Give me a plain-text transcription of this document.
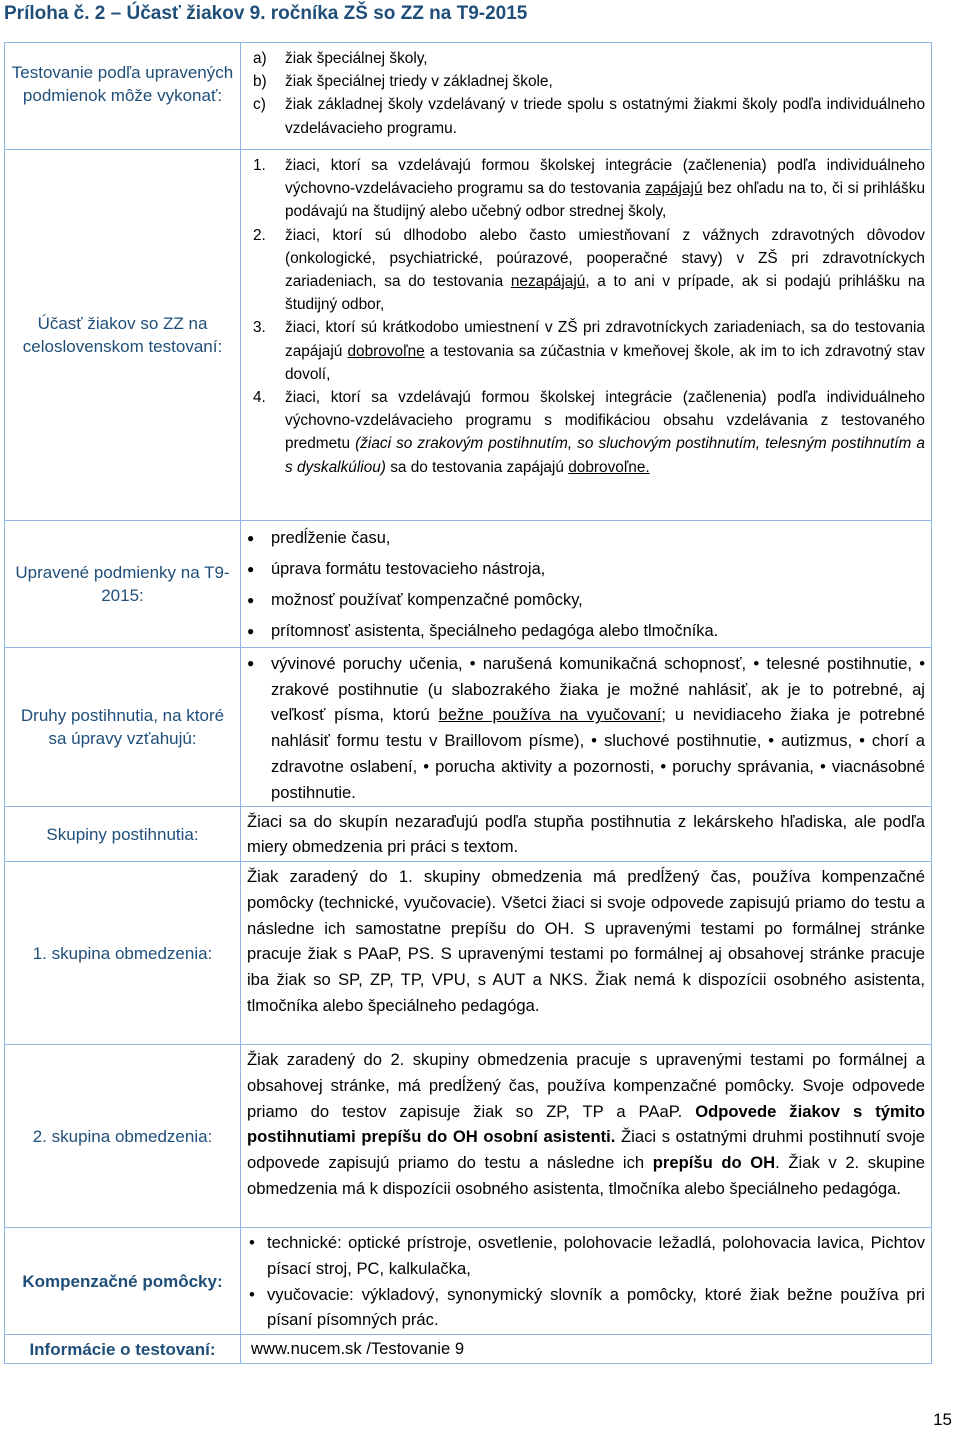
Príloha č. 2 – Účasť žiakov 9. ročníka ZŠ so ZZ na T9-2015
Testovanie podľa upravených podmienok môže vykonať:
a)	žiak špeciálnej školy,
b)	žiak špeciálnej triedy v základnej škole,
c)	žiak základnej školy vzdelávaný v triede spolu s ostatnými žiakmi školy podľa individuálneho vzdelávacieho programu.
Účasť žiakov so ZZ na celoslovenskom testovaní:
1.	žiaci, ktorí sa vzdelávajú formou školskej integrácie (začlenenia) podľa individuálneho výchovno-vzdelávacieho programu sa do testovania zapájajú bez ohľadu na to, či si prihlášku podávajú na študijný alebo učebný odbor strednej školy,
2.	žiaci, ktorí sú dlhodobo alebo často umiestňovaní z vážnych zdravotných dôvodov (onkologické, psychiatrické, poúrazové, pooperačné stavy) v ZŠ pri zdravotníckych zariadeniach, sa do testovania nezapájajú, a to ani v prípade, ak si podajú prihlášku na študijný odbor,
3.	žiaci, ktorí sú krátkodobo umiestnení v ZŠ pri zdravotníckych zariadeniach, sa do testovania zapájajú dobrovoľne a testovania sa zúčastnia v kmeňovej škole, ak im to ich zdravotný stav dovolí,
4.	žiaci, ktorí sa vzdelávajú formou školskej integrácie (začlenenia) podľa individuálneho výchovno-vzdelávacieho programu s modifikáciou obsahu vzdelávania z testovaného predmetu (žiaci so zrakovým postihnutím, so sluchovým postihnutím, telesným postihnutím a s dyskalkúliou) sa do testovania zapájajú dobrovoľne.
Upravené podmienky na T9-2015:
●	predĺženie času,
●	úprava formátu testovacieho nástroja,
●	možnosť používať kompenzačné pomôcky,
●	prítomnosť asistenta, špeciálneho pedagóga alebo tlmočníka.
Druhy postihnutia, na ktoré sa úpravy vzťahujú:
●	vývinové poruchy učenia, • narušená komunikačná schopnosť, • telesné postihnutie, • zrakové postihnutie (u slabozrakého žiaka je možné nahlásiť, ak je to potrebné, aj veľkosť písma, ktorú bežne používa na vyučovaní; u nevidiaceho žiaka je potrebné nahlásiť formu testu v Braillovom písme), • sluchové postihnutie, • autizmus, • chorí a zdravotne oslabení, • porucha aktivity a pozornosti, • poruchy správania, • viacnásobné postihnutie.
Skupiny postihnutia:
Žiaci sa do skupín nezaraďujú podľa stupňa postihnutia z lekárskeho hľadiska, ale podľa miery obmedzenia pri práci s textom.
1. skupina obmedzenia:
Žiak zaradený do 1. skupiny obmedzenia má predĺžený čas, používa kompenzačné pomôcky (technické, vyučovacie). Všetci žiaci si svoje odpovede zapisujú priamo do testu a následne ich samostatne prepíšu do OH. S upravenými testami po formálnej stránke pracuje žiak s PAaP, PS. S upravenými testami po formálnej aj obsahovej stránke pracuje iba žiak so SP, ZP, TP, VPU, s AUT a NKS. Žiak nemá k dispozícii osobného asistenta, tlmočníka alebo špeciálneho pedagóga.
2. skupina obmedzenia:
Žiak zaradený do 2. skupiny obmedzenia pracuje s upravenými testami po formálnej a obsahovej stránke, má predĺžený čas, používa kompenzačné pomôcky. Svoje odpovede priamo do testov zapisuje žiak so ZP, TP a PAaP. Odpovede žiakov s týmito postihnutiami prepíšu do OH osobní asistenti. Žiaci s ostatnými druhmi postihnutí svoje odpovede zapisujú priamo do testu a následne ich prepíšu do OH. Žiak v 2. skupine obmedzenia má k dispozícii osobného asistenta, tlmočníka alebo špeciálneho pedagóga.
Kompenzačné pomôcky:
• technické: optické prístroje, osvetlenie, polohovacie ležadlá, polohovacia lavica, Pichtov písací stroj, PC, kalkulačka,
• vyučovacie: výkladový, synonymický slovník a pomôcky, ktoré žiak bežne používa pri písaní písomných prác.
Informácie o testovaní:	www.nucem.sk /Testovanie 9
15
